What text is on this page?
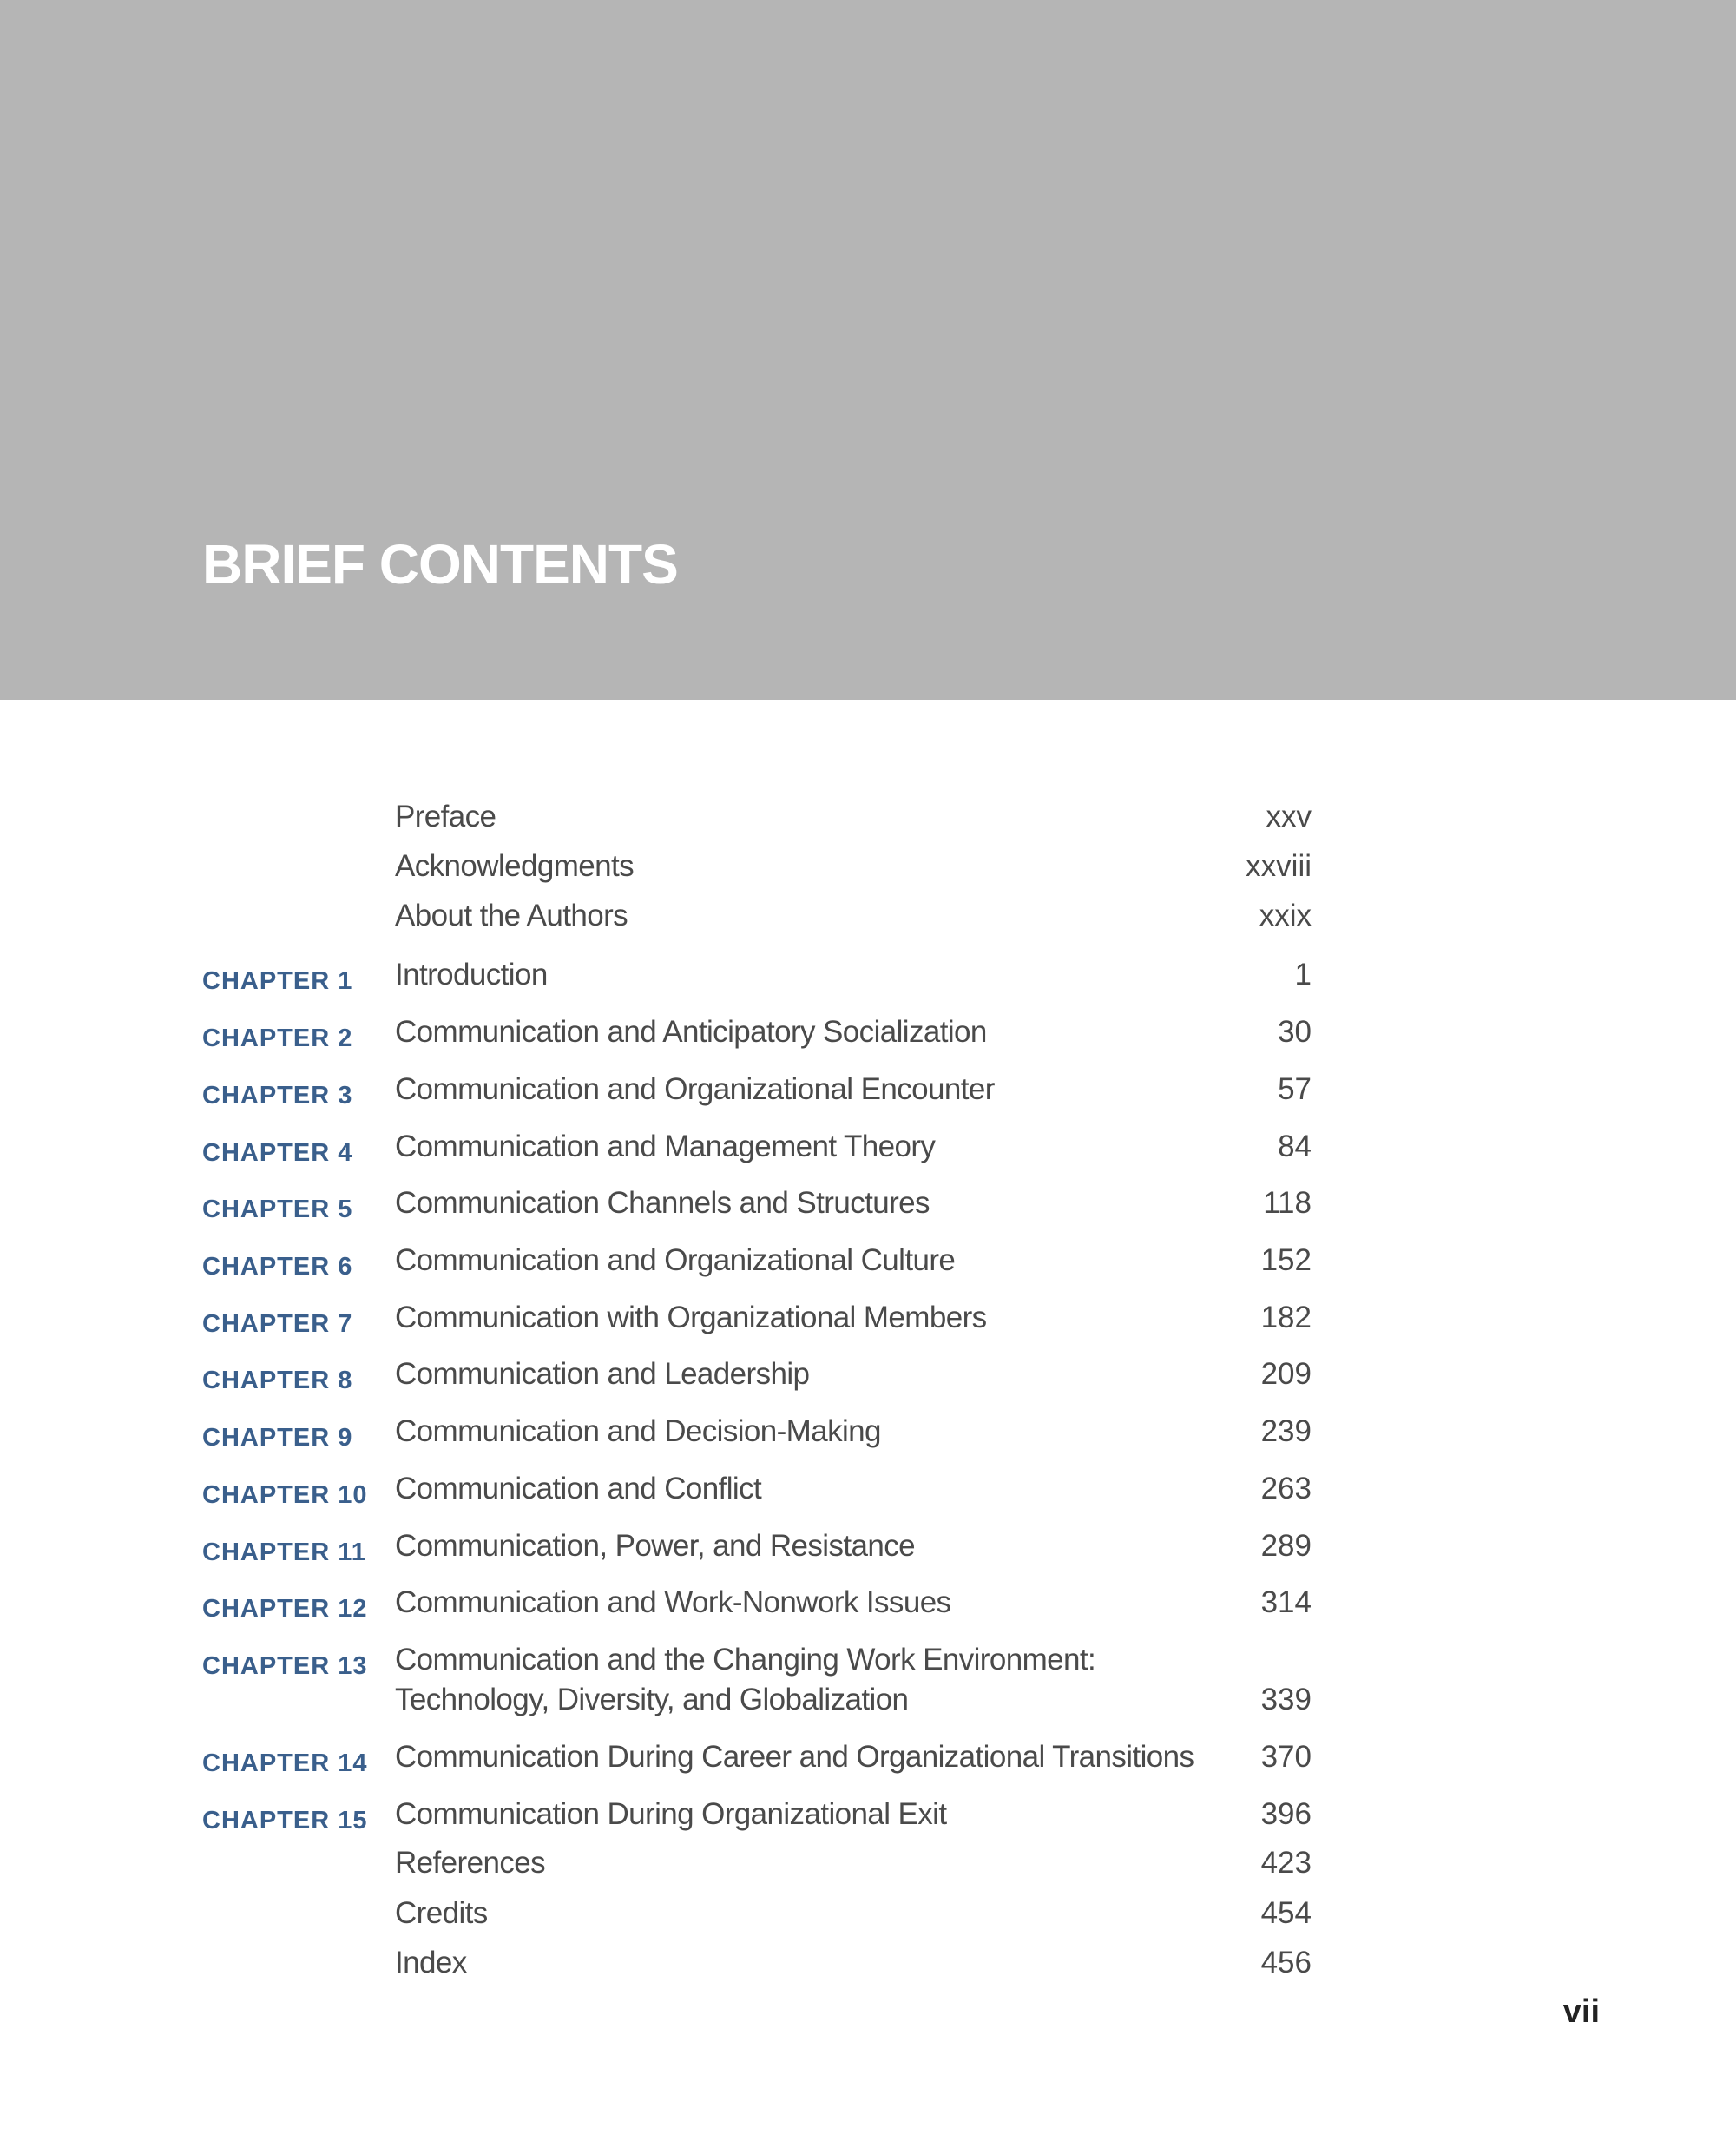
BRIEF CONTENTS
Preface	xxv
Acknowledgments	xxviii
About the Authors	xxix
CHAPTER 1 Introduction	1
CHAPTER 2 Communication and Anticipatory Socialization	30
CHAPTER 3 Communication and Organizational Encounter	57
CHAPTER 4 Communication and Management Theory	84
CHAPTER 5 Communication Channels and Structures	118
CHAPTER 6 Communication and Organizational Culture	152
CHAPTER 7 Communication with Organizational Members	182
CHAPTER 8 Communication and Leadership	209
CHAPTER 9 Communication and Decision-Making	239
CHAPTER 10 Communication and Conflict	263
CHAPTER 11 Communication, Power, and Resistance	289
CHAPTER 12 Communication and Work-Nonwork Issues	314
CHAPTER 13 Communication and the Changing Work Environment:
Technology, Diversity, and Globalization	339
CHAPTER 14 Communication During Career and Organizational Transitions	370
CHAPTER 15 Communication During Organizational Exit	396
References	423
Credits	454
Index	456
vii
